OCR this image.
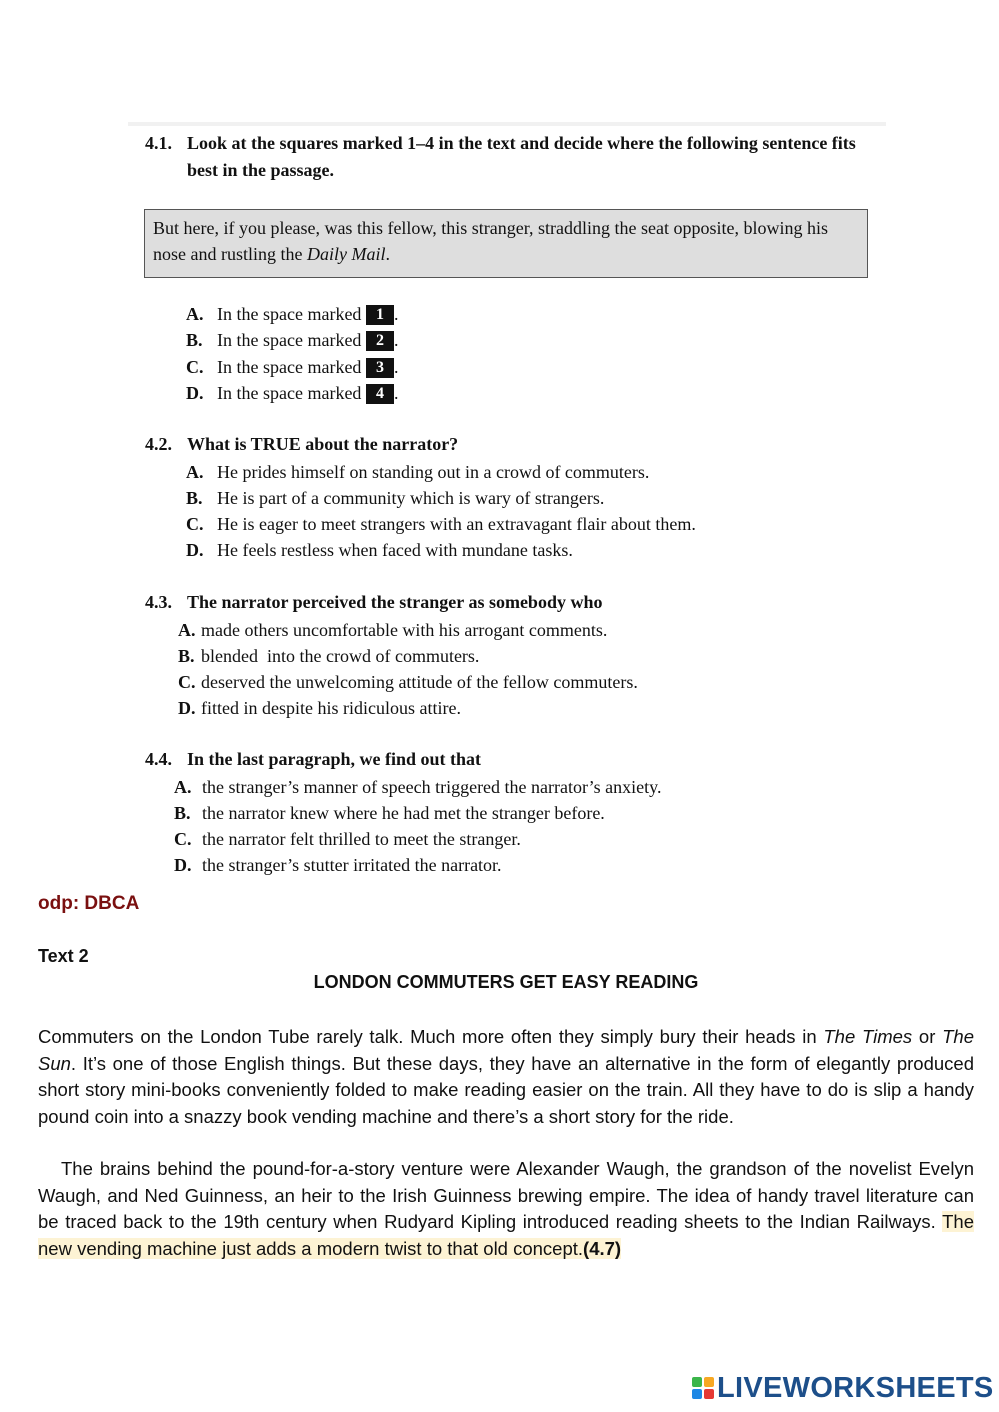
4.1. Look at the squares marked 1–4 in the text and decide where the following sentence fits best in the passage.
But here, if you please, was this fellow, this stranger, straddling the seat opposite, blowing his nose and rustling the Daily Mail.
A. In the space marked 1 .
B. In the space marked 2 .
C. In the space marked 3 .
D. In the space marked 4 .
4.2. What is TRUE about the narrator?
A. He prides himself on standing out in a crowd of commuters.
B. He is part of a community which is wary of strangers.
C. He is eager to meet strangers with an extravagant flair about them.
D. He feels restless when faced with mundane tasks.
4.3. The narrator perceived the stranger as somebody who
A. made others uncomfortable with his arrogant comments.
B. blended  into the crowd of commuters.
C. deserved the unwelcoming attitude of the fellow commuters.
D. fitted in despite his ridiculous attire.
4.4. In the last paragraph, we find out that
A. the stranger’s manner of speech triggered the narrator’s anxiety.
B. the narrator knew where he had met the stranger before.
C. the narrator felt thrilled to meet the stranger.
D. the stranger’s stutter irritated the narrator.
odp: DBCA
Text 2
LONDON COMMUTERS GET EASY READING
Commuters on the London Tube rarely talk. Much more often they simply bury their heads in The Times or The Sun. It’s one of those English things. But these days, they have an alternative in the form of elegantly produced short story mini-books conveniently folded to make reading easier on the train. All they have to do is slip a handy pound coin into a snazzy book vending machine and there’s a short story for the ride.
The brains behind the pound-for-a-story venture were Alexander Waugh, the grandson of the novelist Evelyn Waugh, and Ned Guinness, an heir to the Irish Guinness brewing empire. The idea of handy travel literature can be traced back to the 19th century when Rudyard Kipling introduced reading sheets to the Indian Railways. The new vending machine just adds a modern twist to that old concept.(4.7)
LIVEWORKSHEETS
